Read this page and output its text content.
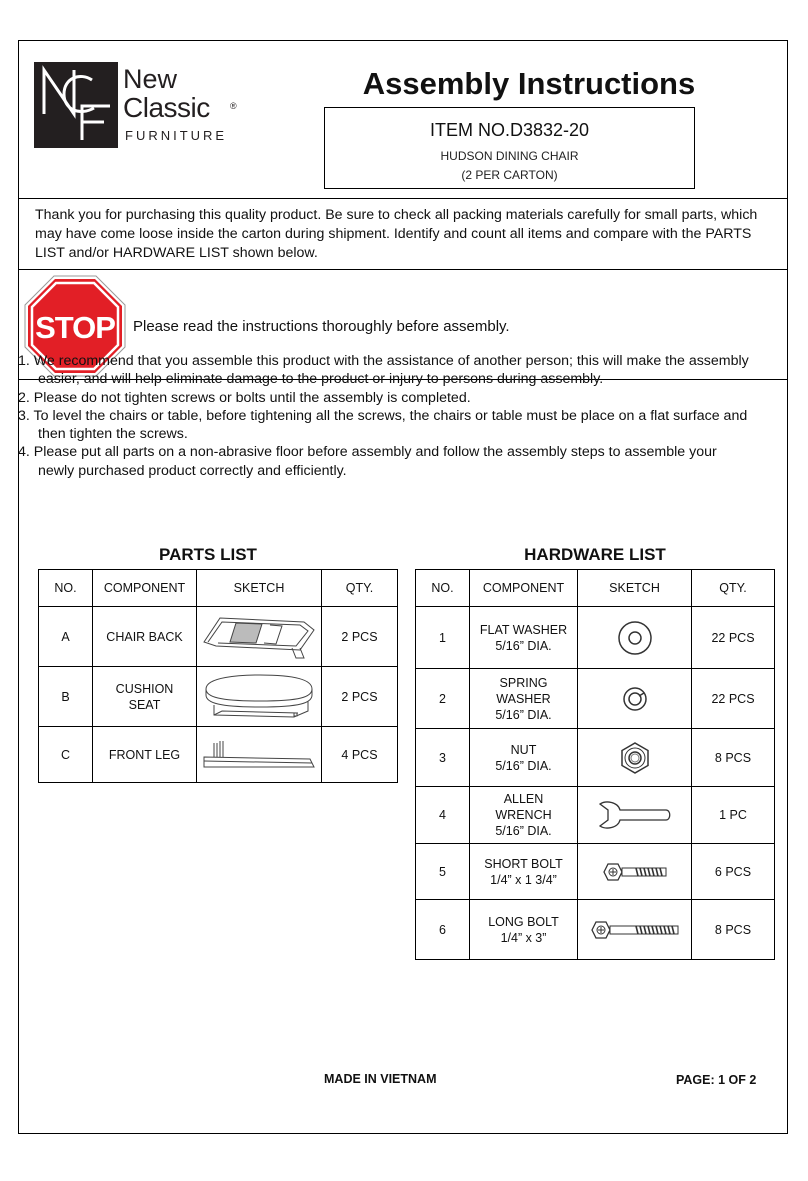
New
Classic ®
FURNITURE
Assembly Instructions
ITEM NO.D3832-20
HUDSON DINING CHAIR
(2 PER CARTON)
Thank you for purchasing this quality product. Be sure to check all packing materials carefully for small parts, which may have come loose inside the carton during shipment. Identify and count all items and compare with the PARTS LIST and/or HARDWARE LIST shown below.
STOP Please read the instructions thoroughly before assembly.
1. We recommend that you assemble this product with the assistance of another person; this will make the assembly easier, and will help eliminate damage to the product or injury to persons during assembly.
2. Please do not tighten screws or bolts until the assembly is completed.
3. To level the chairs or table, before tightening all the screws, the chairs or table must be place on a flat surface and then tighten the screws.
4. Please put all parts on a non-abrasive floor before assembly and follow the assembly steps to assemble your newly purchased product correctly and efficiently.
PARTS LIST
NO.	COMPONENT	SKETCH	QTY.
A	CHAIR BACK		2 PCS
B	CUSHION
SEAT		2 PCS
C	FRONT LEG		4 PCS
HARDWARE LIST
NO.	COMPONENT	SKETCH	QTY.
1	FLAT WASHER
5/16” DIA.		22 PCS
2	SPRING
WASHER
5/16” DIA.		22 PCS
3	NUT
5/16” DIA.		8 PCS
4	ALLEN
WRENCH
5/16” DIA.		1 PC
5	SHORT BOLT
1/4” x 1 3/4”		6 PCS
6	LONG BOLT
1/4” x 3”		8 PCS
MADE IN VIETNAM	PAGE: 1 OF 2
